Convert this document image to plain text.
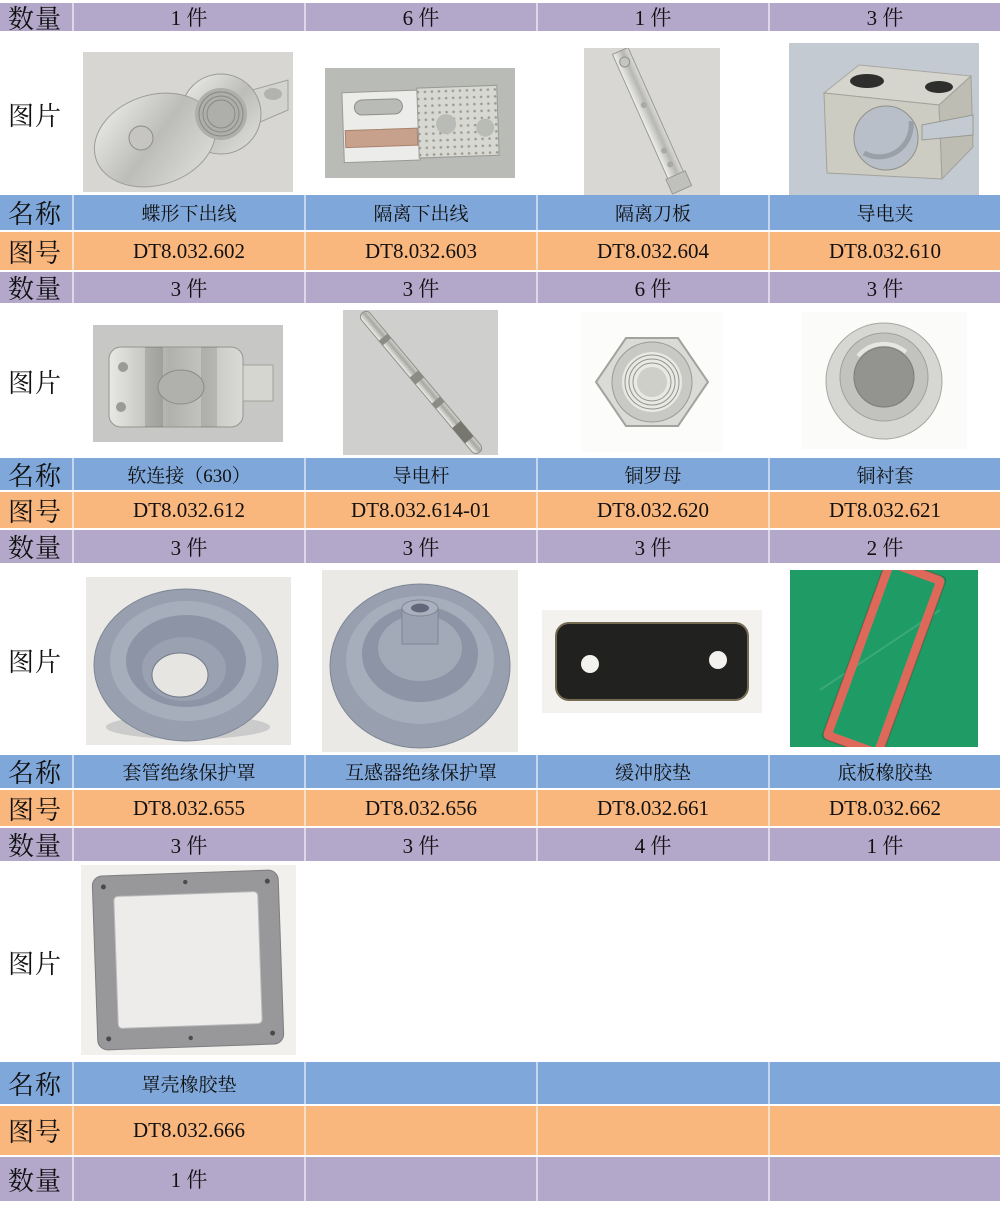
数量	1 件	6 件	1 件	3 件
图片
名称	蝶形下出线	隔离下出线	隔离刀板	导电夹
图号	DT8.032.602	DT8.032.603	DT8.032.604	DT8.032.610
数量	3 件	3 件	6 件	3 件
图片
名称	软连接（630）	导电杆	铜罗母	铜衬套
图号	DT8.032.612	DT8.032.614-01	DT8.032.620	DT8.032.621
数量	3 件	3 件	3 件	2 件
图片
名称	套管绝缘保护罩	互感器绝缘保护罩	缓冲胶垫	底板橡胶垫
图号	DT8.032.655	DT8.032.656	DT8.032.661	DT8.032.662
数量	3 件	3 件	4 件	1 件
图片
名称	罩壳橡胶垫
图号	DT8.032.666
数量	1 件
